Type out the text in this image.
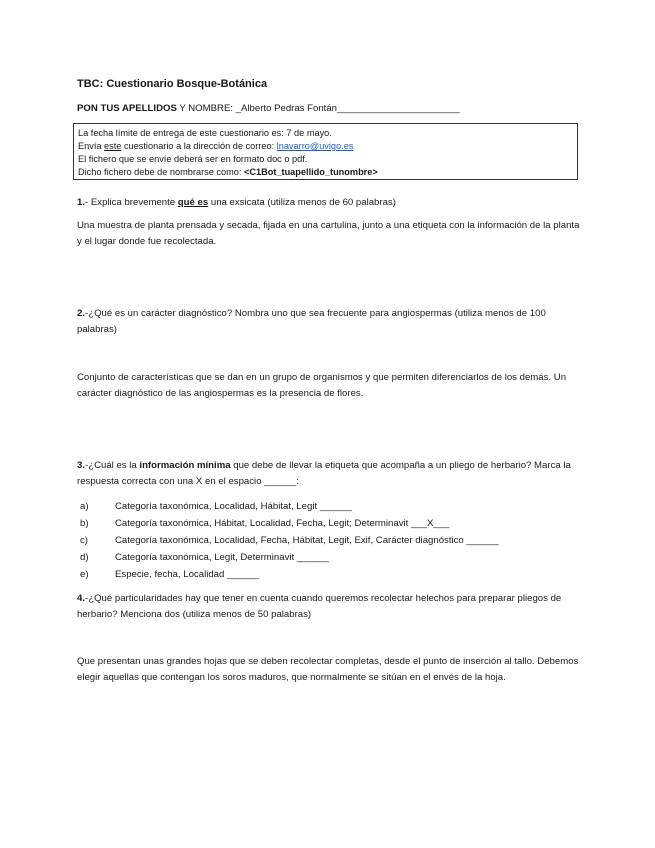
TBC: Cuestionario Bosque-Botánica
PON TUS APELLIDOS Y NOMBRE: _Alberto Pedras Fontán_______________________
La fecha límite de entrega de este cuestionario es: 7 de mayo.
Envía este cuestionario a la dirección de correo: lnavarro@uvigo.es
El fichero que se envíe deberá ser en formato doc o pdf.
Dicho fichero debe de nombrarse como: <C1Bot_tuapellido_tunombre>
1.- Explica brevemente qué es una exsicata (utiliza menos de 60 palabras)
Una muestra de planta prensada y secada, fijada en una cartulina, junto a una etiqueta con la información de la planta y el lugar donde fue recolectada.
2.-¿Qué es un carácter diagnóstico? Nombra uno que sea frecuente para angiospermas (utiliza menos de 100 palabras)
Conjunto de características que se dan en un grupo de organismos y que permiten diferenciarlos de los demás. Un carácter diagnóstico de las angiospermas es la presencia de flores.
3.-¿Cuál es la información mínima que debe de llevar la etiqueta que acompaña a un pliego de herbario? Marca la respuesta correcta con una X en el espacio ______:
a)	Categoría taxonómica, Localidad, Hábitat, Legit ______
b)	Categoría taxonómica, Hábitat, Localidad, Fecha, Legit; Determinavit ___X___
c)	Categoría taxonómica, Localidad, Fecha, Hábitat, Legit, Exif, Carácter diagnóstico ______
d)	Categoría taxonómica, Legit, Determinavit ______
e)	Especie, fecha, Localidad ______
4.-¿Qué particularidades hay que tener en cuenta cuando queremos recolectar helechos para preparar pliegos de herbario? Menciona dos (utiliza menos de 50 palabras)
Que presentan unas grandes hojas que se deben recolectar completas, desde el punto de inserción al tallo. Debemos elegir aquellas que contengan los soros maduros, que normalmente se sitúan en el envés de la hoja.
